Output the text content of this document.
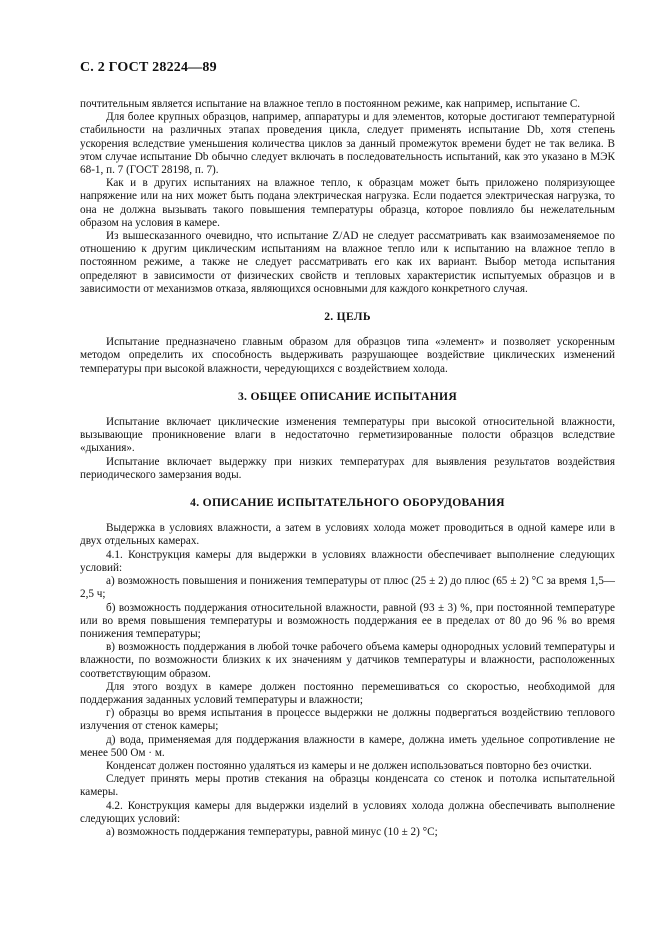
С. 2 ГОСТ 28224—89

почтительным является испытание на влажное тепло в постоянном режиме, как например, испытание С.

Для более крупных образцов, например, аппаратуры и для элементов, которые достигают температурной стабильности на различных этапах проведения цикла, следует применять испытание Db, хотя степень ускорения вследствие уменьшения количества циклов за данный промежуток времени будет не так велика. В этом случае испытание Db обычно следует включать в последовательность испытаний, как это указано в МЭК 68-1, п. 7 (ГОСТ 28198, п. 7).

Как и в других испытаниях на влажное тепло, к образцам может быть приложено поляризующее напряжение или на них может быть подана электрическая нагрузка. Если подается электрическая нагрузка, то она не должна вызывать такого повышения температуры образца, которое повлияло бы нежелательным образом на условия в камере.

Из вышесказанного очевидно, что испытание Z/AD не следует рассматривать как взаимозаменяемое по отношению к другим циклическим испытаниям на влажное тепло или к испытанию на влажное тепло в постоянном режиме, а также не следует рассматривать его как их вариант. Выбор метода испытания определяют в зависимости от физических свойств и тепловых характеристик испытуемых образцов и в зависимости от механизмов отказа, являющихся основными для каждого конкретного случая.

2. ЦЕЛЬ

Испытание предназначено главным образом для образцов типа «элемент» и позволяет ускоренным методом определить их способность выдерживать разрушающее воздействие циклических изменений температуры при высокой влажности, чередующихся с воздействием холода.

3. ОБЩЕЕ ОПИСАНИЕ ИСПЫТАНИЯ

Испытание включает циклические изменения температуры при высокой относительной влажности, вызывающие проникновение влаги в недостаточно герметизированные полости образцов вследствие «дыхания».

Испытание включает выдержку при низких температурах для выявления результатов воздействия периодического замерзания воды.

4. ОПИСАНИЕ ИСПЫТАТЕЛЬНОГО ОБОРУДОВАНИЯ

Выдержка в условиях влажности, а затем в условиях холода может проводиться в одной камере или в двух отдельных камерах.

4.1. Конструкция камеры для выдержки в условиях влажности обеспечивает выполнение следующих условий:

а) возможность повышения и понижения температуры от плюс (25 ± 2) до плюс (65 ± 2) °C за время 1,5—2,5 ч;

б) возможность поддержания относительной влажности, равной (93 ± 3) %, при постоянной температуре или во время повышения температуры и возможность поддержания ее в пределах от 80 до 96 % во время понижения температуры;

в) возможность поддержания в любой точке рабочего объема камеры однородных условий температуры и влажности, по возможности близких к их значениям у датчиков температуры и влажности, расположенных соответствующим образом.

Для этого воздух в камере должен постоянно перемешиваться со скоростью, необходимой для поддержания заданных условий температуры и влажности;

г) образцы во время испытания в процессе выдержки не должны подвергаться воздействию теплового излучения от стенок камеры;

д) вода, применяемая для поддержания влажности в камере, должна иметь удельное сопротивление не менее 500 Ом · м.

Конденсат должен постоянно удаляться из камеры и не должен использоваться повторно без очистки.

Следует принять меры против стекания на образцы конденсата со стенок и потолка испытательной камеры.

4.2. Конструкция камеры для выдержки изделий в условиях холода должна обеспечивать выполнение следующих условий:

а) возможность поддержания температуры, равной минус (10 ± 2) °С;
